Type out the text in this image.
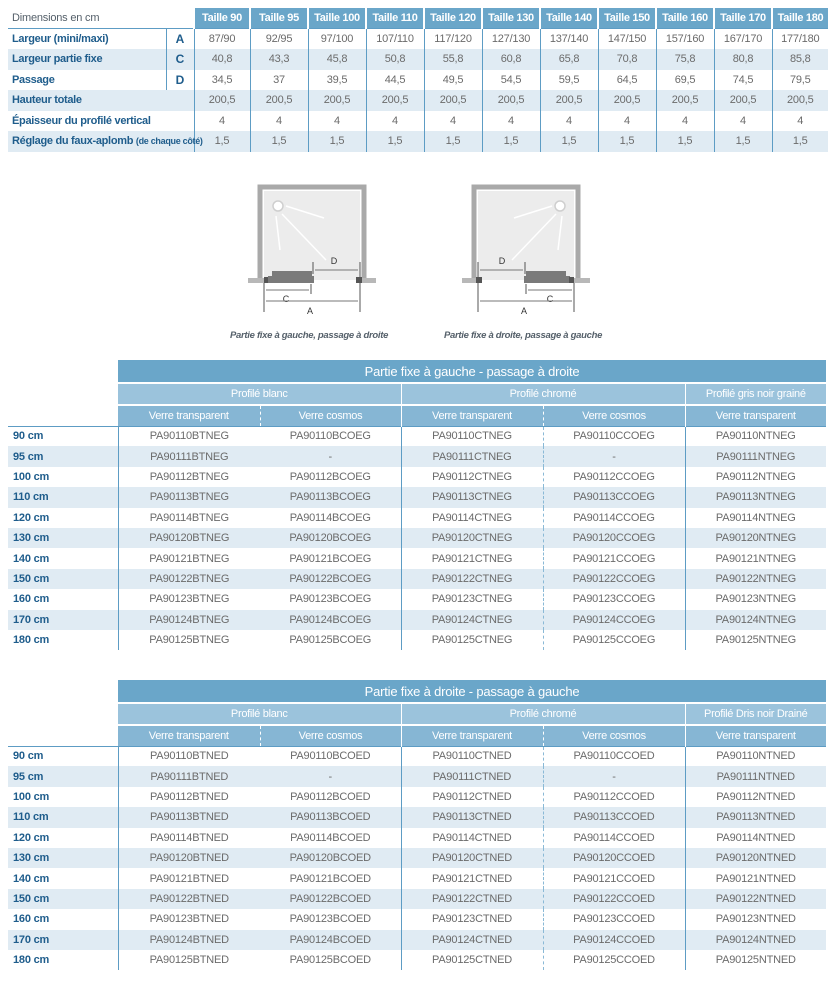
Dimensions en cm		Taille 90	Taille 95	Taille 100	Taille 110	Taille 120	Taille 130	Taille 140	Taille 150	Taille 160	Taille 170	Taille 180
Largeur (mini/maxi)	A	87/90	92/95	97/100	107/110	117/120	127/130	137/140	147/150	157/160	167/170	177/180
Largeur partie fixe	C	40,8	43,3	45,8	50,8	55,8	60,8	65,8	70,8	75,8	80,8	85,8
Passage	D	34,5	37	39,5	44,5	49,5	54,5	59,5	64,5	69,5	74,5	79,5
Hauteur totale		200,5	200,5	200,5	200,5	200,5	200,5	200,5	200,5	200,5	200,5	200,5
Épaisseur du profilé vertical		4	4	4	4	4	4	4	4	4	4	4
Réglage du faux-aplomb (de chaque côté)		1,5	1,5	1,5	1,5	1,5	1,5	1,5	1,5	1,5	1,5	1,5
D
C
A
Partie fixe à gauche, passage à droite
D
C
A
Partie fixe à droite, passage à gauche
	Partie fixe à gauche - passage à droite				
	Profilé blanc		Profilé chromé		Profilé gris noir grainé
	Verre transparent	Verre cosmos	Verre transparent	Verre cosmos	Verre transparent
90 cm	PA90110BTNEG	PA90110BCOEG	PA90110CTNEG	PA90110CCOEG	PA90110NTNEG
95 cm	PA90111BTNEG	-	PA90111CTNEG	-	PA90111NTNEG
100 cm	PA90112BTNEG	PA90112BCOEG	PA90112CTNEG	PA90112CCOEG	PA90112NTNEG
110 cm	PA90113BTNEG	PA90113BCOEG	PA90113CTNEG	PA90113CCOEG	PA90113NTNEG
120 cm	PA90114BTNEG	PA90114BCOEG	PA90114CTNEG	PA90114CCOEG	PA90114NTNEG
130 cm	PA90120BTNEG	PA90120BCOEG	PA90120CTNEG	PA90120CCOEG	PA90120NTNEG
140 cm	PA90121BTNEG	PA90121BCOEG	PA90121CTNEG	PA90121CCOEG	PA90121NTNEG
150 cm	PA90122BTNEG	PA90122BCOEG	PA90122CTNEG	PA90122CCOEG	PA90122NTNEG
160 cm	PA90123BTNEG	PA90123BCOEG	PA90123CTNEG	PA90123CCOEG	PA90123NTNEG
170 cm	PA90124BTNEG	PA90124BCOEG	PA90124CTNEG	PA90124CCOEG	PA90124NTNEG
180 cm	PA90125BTNEG	PA90125BCOEG	PA90125CTNEG	PA90125CCOEG	PA90125NTNEG
	Partie fixe à droite - passage à gauche				
	Profilé blanc		Profilé chromé		Profilé Dris noir Drainé
	Verre transparent	Verre cosmos	Verre transparent	Verre cosmos	Verre transparent
90 cm	PA90110BTNED	PA90110BCOED	PA90110CTNED	PA90110CCOED	PA90110NTNED
95 cm	PA90111BTNED	-	PA90111CTNED	-	PA90111NTNED
100 cm	PA90112BTNED	PA90112BCOED	PA90112CTNED	PA90112CCOED	PA90112NTNED
110 cm	PA90113BTNED	PA90113BCOED	PA90113CTNED	PA90113CCOED	PA90113NTNED
120 cm	PA90114BTNED	PA90114BCOED	PA90114CTNED	PA90114CCOED	PA90114NTNED
130 cm	PA90120BTNED	PA90120BCOED	PA90120CTNED	PA90120CCOED	PA90120NTNED
140 cm	PA90121BTNED	PA90121BCOED	PA90121CTNED	PA90121CCOED	PA90121NTNED
150 cm	PA90122BTNED	PA90122BCOED	PA90122CTNED	PA90122CCOED	PA90122NTNED
160 cm	PA90123BTNED	PA90123BCOED	PA90123CTNED	PA90123CCOED	PA90123NTNED
170 cm	PA90124BTNED	PA90124BCOED	PA90124CTNED	PA90124CCOED	PA90124NTNED
180 cm	PA90125BTNED	PA90125BCOED	PA90125CTNED	PA90125CCOED	PA90125NTNED
